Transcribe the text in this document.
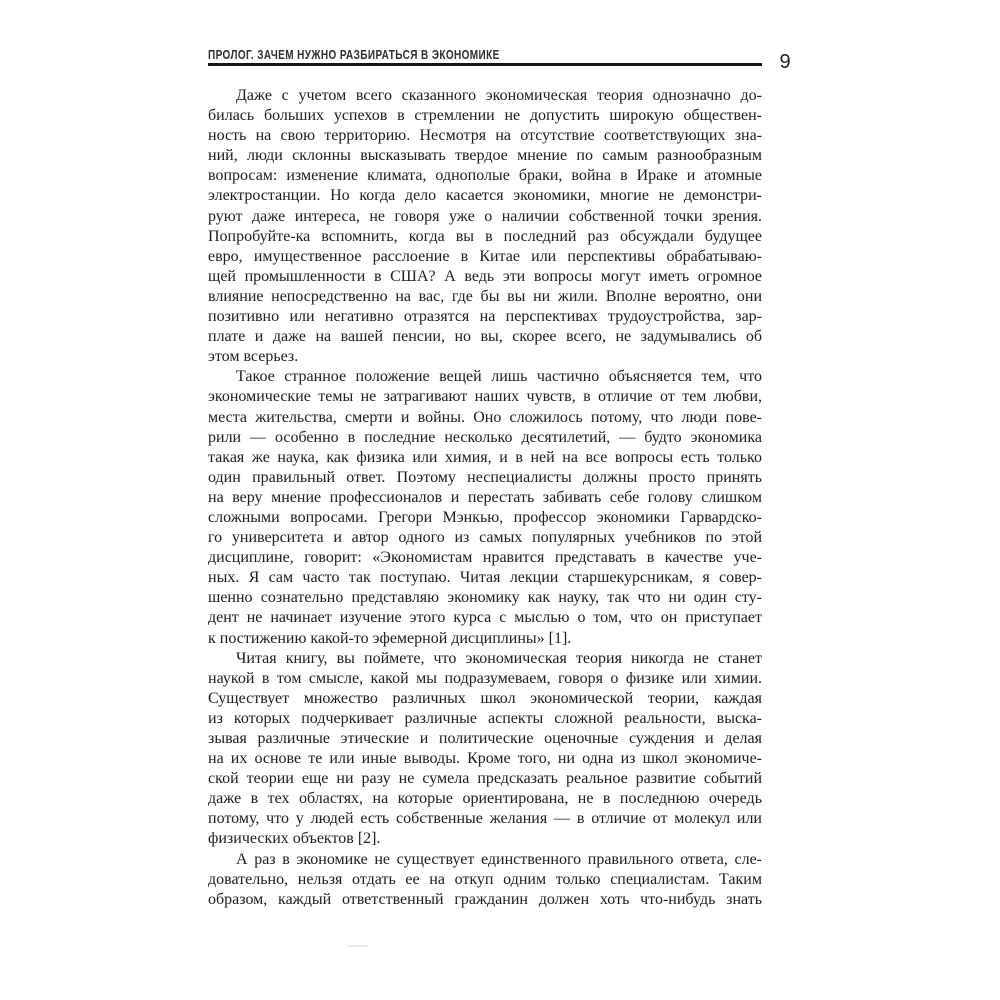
ПРОЛОГ. ЗАЧЕМ НУЖНО РАЗБИРАТЬСЯ В ЭКОНОМИКЕ	9
Даже с учетом всего сказанного экономическая теория однозначно до-
билась больших успехов в стремлении не допустить широкую обществен-
ность на свою территорию. Несмотря на отсутствие соответствующих зна-
ний, люди склонны высказывать твердое мнение по самым разнообразным
вопросам: изменение климата, однополые браки, война в Ираке и атомные
электростанции. Но когда дело касается экономики, многие не демонстри-
руют даже интереса, не говоря уже о наличии собственной точки зрения.
Попробуйте-ка вспомнить, когда вы в последний раз обсуждали будущее
евро, имущественное расслоение в Китае или перспективы обрабатываю-
щей промышленности в США? А ведь эти вопросы могут иметь огромное
влияние непосредственно на вас, где бы вы ни жили. Вполне вероятно, они
позитивно или негативно отразятся на перспективах трудоустройства, зар-
плате и даже на вашей пенсии, но вы, скорее всего, не задумывались об
этом всерьез.
Такое странное положение вещей лишь частично объясняется тем, что
экономические темы не затрагивают наших чувств, в отличие от тем любви,
места жительства, смерти и войны. Оно сложилось потому, что люди пове-
рили — особенно в последние несколько десятилетий, — будто экономика
такая же наука, как физика или химия, и в ней на все вопросы есть только
один правильный ответ. Поэтому неспециалисты должны просто принять
на веру мнение профессионалов и перестать забивать себе голову слишком
сложными вопросами. Грегори Мэнкью, профессор экономики Гарвардско-
го университета и автор одного из самых популярных учебников по этой
дисциплине, говорит: «Экономистам нравится представать в качестве уче-
ных. Я сам часто так поступаю. Читая лекции старшекурсникам, я совер-
шенно сознательно представляю экономику как науку, так что ни один сту-
дент не начинает изучение этого курса с мыслью о том, что он приступает
к постижению какой-то эфемерной дисциплины» [1].
Читая книгу, вы поймете, что экономическая теория никогда не станет
наукой в том смысле, какой мы подразумеваем, говоря о физике или химии.
Существует множество различных школ экономической теории, каждая
из которых подчеркивает различные аспекты сложной реальности, выска-
зывая различные этические и политические оценочные суждения и делая
на их основе те или иные выводы. Кроме того, ни одна из школ экономиче-
ской теории еще ни разу не сумела предсказать реальное развитие событий
даже в тех областях, на которые ориентирована, не в последнюю очередь
потому, что у людей есть собственные желания — в отличие от молекул или
физических объектов [2].
А раз в экономике не существует единственного правильного ответа, сле-
довательно, нельзя отдать ее на откуп одним только специалистам. Таким
образом, каждый ответственный гражданин должен хоть что-нибудь знать
